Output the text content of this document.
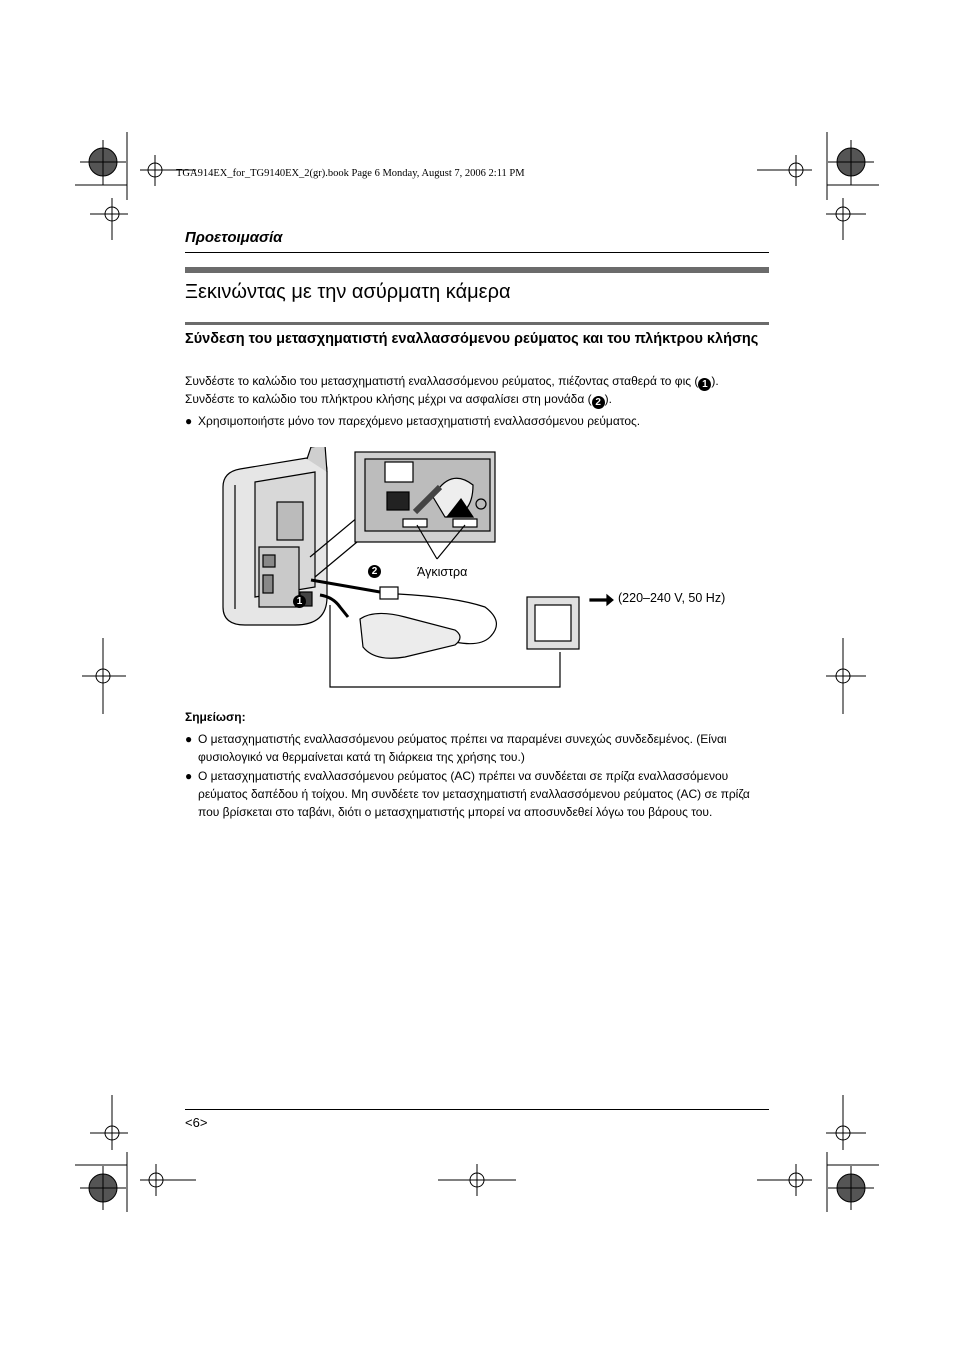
TGA914EX_for_TG9140EX_2(gr).book Page 6 Monday, August 7, 2006 2:11 PM
Προετοιμασία
Ξεκινώντας με την ασύρματη κάμερα
Σύνδεση του μετασχηματιστή εναλλασσόμενου ρεύματος και του πλήκτρου κλήσης
Συνδέστε το καλώδιο του μετασχηματιστή εναλλασσόμενου ρεύματος, πιέζοντας σταθερά το φις ( 1 ).
Συνδέστε το καλώδιο του πλήκτρου κλήσης μέχρι να ασφαλίσει στη μονάδα ( 2 ).
● Χρησιμοποιήστε μόνο τον παρεχόμενο μετασχηματιστή εναλλασσόμενου ρεύματος.
2
1
Άγκιστρα
(220–240 V, 50 Hz)
Σημείωση:
● Ο μετασχηματιστής εναλλασσόμενου ρεύματος πρέπει να παραμένει συνεχώς συνδεδεμένος. (Είναι φυσιολογικό να θερμαίνεται κατά τη διάρκεια της χρήσης του.)
● Ο μετασχηματιστής εναλλασσόμενου ρεύματος (AC) πρέπει να συνδέεται σε πρίζα εναλλασσόμενου ρεύματος δαπέδου ή τοίχου. Μη συνδέετε τον μετασχηματιστή εναλλασσόμενου ρεύματος (AC) σε πρίζα που βρίσκεται στο ταβάνι, διότι ο μετασχηματιστής μπορεί να αποσυνδεθεί λόγω του βάρους του.
<6>
